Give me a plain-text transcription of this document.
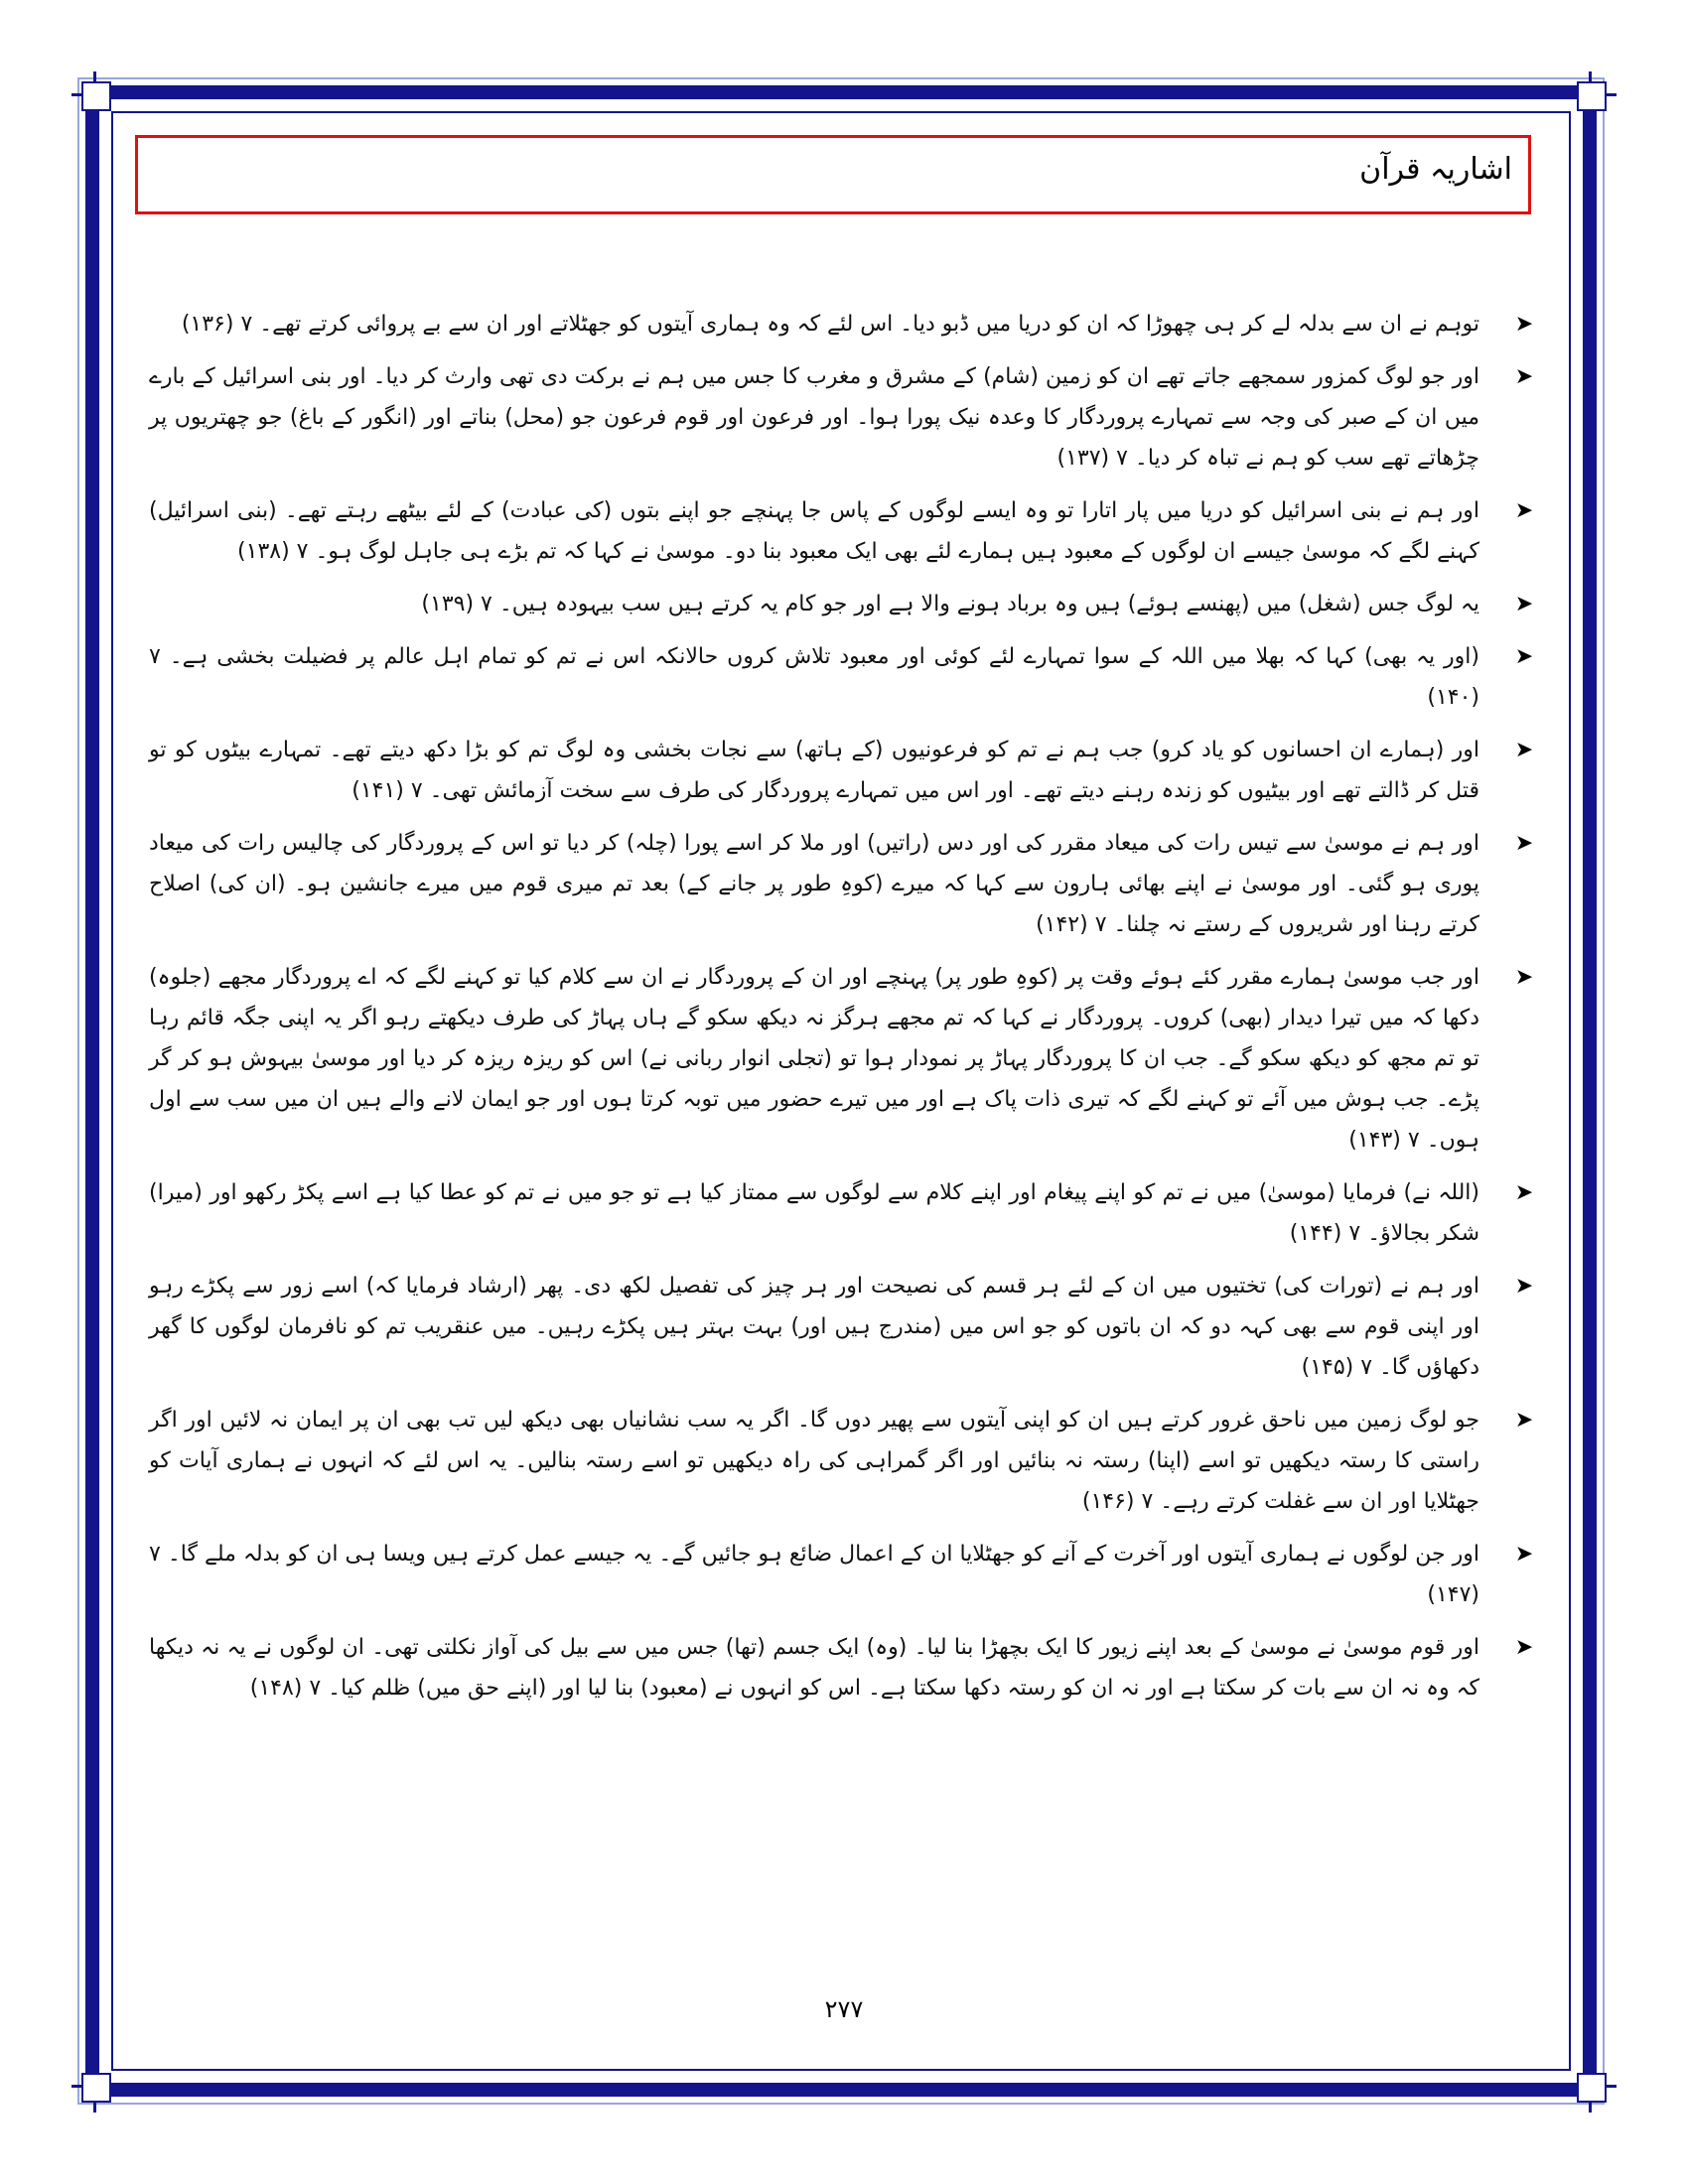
اشاریہ قرآن
➤
توہم نے ان سے بدلہ لے کر ہی چھوڑا کہ ان کو دریا میں ڈبو دیا۔ اس لئے کہ وہ ہماری آیتوں کو جھٹلاتے اور ان سے بے پروائی کرتے تھے۔ ۷ (۱۳۶)
➤
اور جو لوگ کمزور سمجھے جاتے تھے ان کو زمین (شام) کے مشرق و مغرب کا جس میں ہم نے برکت دی تھی وارث کر دیا۔ اور بنی اسرائیل کے بارے میں ان کے صبر کی وجہ سے تمہارے پروردگار کا وعدہ نیک پورا ہوا۔ اور فرعون اور قوم فرعون جو (محل) بناتے اور (انگور کے باغ) جو چھتریوں پر چڑھاتے تھے سب کو ہم نے تباہ کر دیا۔ ۷ (۱۳۷)
➤
اور ہم نے بنی اسرائیل کو دریا میں پار اتارا تو وہ ایسے لوگوں کے پاس جا پہنچے جو اپنے بتوں (کی عبادت) کے لئے بیٹھے رہتے تھے۔ (بنی اسرائیل) کہنے لگے کہ موسیٰ جیسے ان لوگوں کے معبود ہیں ہمارے لئے بھی ایک معبود بنا دو۔ موسیٰ نے کہا کہ تم بڑے ہی جاہل لوگ ہو۔ ۷ (۱۳۸)
➤
یہ لوگ جس (شغل) میں (پھنسے ہوئے) ہیں وہ برباد ہونے والا ہے اور جو کام یہ کرتے ہیں سب بیہودہ ہیں۔ ۷ (۱۳۹)
➤
(اور یہ بھی) کہا کہ بھلا میں اللہ کے سوا تمہارے لئے کوئی اور معبود تلاش کروں حالانکہ اس نے تم کو تمام اہل عالم پر فضیلت بخشی ہے۔ ۷ (۱۴۰)
➤
اور (ہمارے ان احسانوں کو یاد کرو) جب ہم نے تم کو فرعونیوں (کے ہاتھ) سے نجات بخشی وہ لوگ تم کو بڑا دکھ دیتے تھے۔ تمہارے بیٹوں کو تو قتل کر ڈالتے تھے اور بیٹیوں کو زندہ رہنے دیتے تھے۔ اور اس میں تمہارے پروردگار کی طرف سے سخت آزمائش تھی۔ ۷ (۱۴۱)
➤
اور ہم نے موسیٰ سے تیس رات کی میعاد مقرر کی اور دس (راتیں) اور ملا کر اسے پورا (چلہ) کر دیا تو اس کے پروردگار کی چالیس رات کی میعاد پوری ہو گئی۔ اور موسیٰ نے اپنے بھائی ہارون سے کہا کہ میرے (کوہِ طور پر جانے کے) بعد تم میری قوم میں میرے جانشین ہو۔ (ان کی) اصلاح کرتے رہنا اور شریروں کے رستے نہ چلنا۔ ۷ (۱۴۲)
➤
اور جب موسیٰ ہمارے مقرر کئے ہوئے وقت پر (کوہِ طور پر) پہنچے اور ان کے پروردگار نے ان سے کلام کیا تو کہنے لگے کہ اے پروردگار مجھے (جلوہ) دکھا کہ میں تیرا دیدار (بھی) کروں۔ پروردگار نے کہا کہ تم مجھے ہرگز نہ دیکھ سکو گے ہاں پہاڑ کی طرف دیکھتے رہو اگر یہ اپنی جگہ قائم رہا تو تم مجھ کو دیکھ سکو گے۔ جب ان کا پروردگار پہاڑ پر نمودار ہوا تو (تجلی انوار ربانی نے) اس کو ریزہ ریزہ کر دیا اور موسیٰ بیہوش ہو کر گر پڑے۔ جب ہوش میں آئے تو کہنے لگے کہ تیری ذات پاک ہے اور میں تیرے حضور میں توبہ کرتا ہوں اور جو ایمان لانے والے ہیں ان میں سب سے اول ہوں۔ ۷ (۱۴۳)
➤
(اللہ نے) فرمایا (موسیٰ) میں نے تم کو اپنے پیغام اور اپنے کلام سے لوگوں سے ممتاز کیا ہے تو جو میں نے تم کو عطا کیا ہے اسے پکڑ رکھو اور (میرا) شکر بجالاؤ۔ ۷ (۱۴۴)
➤
اور ہم نے (تورات کی) تختیوں میں ان کے لئے ہر قسم کی نصیحت اور ہر چیز کی تفصیل لکھ دی۔ پھر (ارشاد فرمایا کہ) اسے زور سے پکڑے رہو اور اپنی قوم سے بھی کہہ دو کہ ان باتوں کو جو اس میں (مندرج ہیں اور) بہت بہتر ہیں پکڑے رہیں۔ میں عنقریب تم کو نافرمان لوگوں کا گھر دکھاؤں گا۔ ۷ (۱۴۵)
➤
جو لوگ زمین میں ناحق غرور کرتے ہیں ان کو اپنی آیتوں سے پھیر دوں گا۔ اگر یہ سب نشانیاں بھی دیکھ لیں تب بھی ان پر ایمان نہ لائیں اور اگر راستی کا رستہ دیکھیں تو اسے (اپنا) رستہ نہ بنائیں اور اگر گمراہی کی راہ دیکھیں تو اسے رستہ بنالیں۔ یہ اس لئے کہ انہوں نے ہماری آیات کو جھٹلایا اور ان سے غفلت کرتے رہے۔ ۷ (۱۴۶)
➤
اور جن لوگوں نے ہماری آیتوں اور آخرت کے آنے کو جھٹلایا ان کے اعمال ضائع ہو جائیں گے۔ یہ جیسے عمل کرتے ہیں ویسا ہی ان کو بدلہ ملے گا۔ ۷ (۱۴۷)
➤
اور قوم موسیٰ نے موسیٰ کے بعد اپنے زیور کا ایک بچھڑا بنا لیا۔ (وہ) ایک جسم (تھا) جس میں سے بیل کی آواز نکلتی تھی۔ ان لوگوں نے یہ نہ دیکھا کہ وہ نہ ان سے بات کر سکتا ہے اور نہ ان کو رستہ دکھا سکتا ہے۔ اس کو انہوں نے (معبود) بنا لیا اور (اپنے حق میں) ظلم کیا۔ ۷ (۱۴۸)
۲۷۷
